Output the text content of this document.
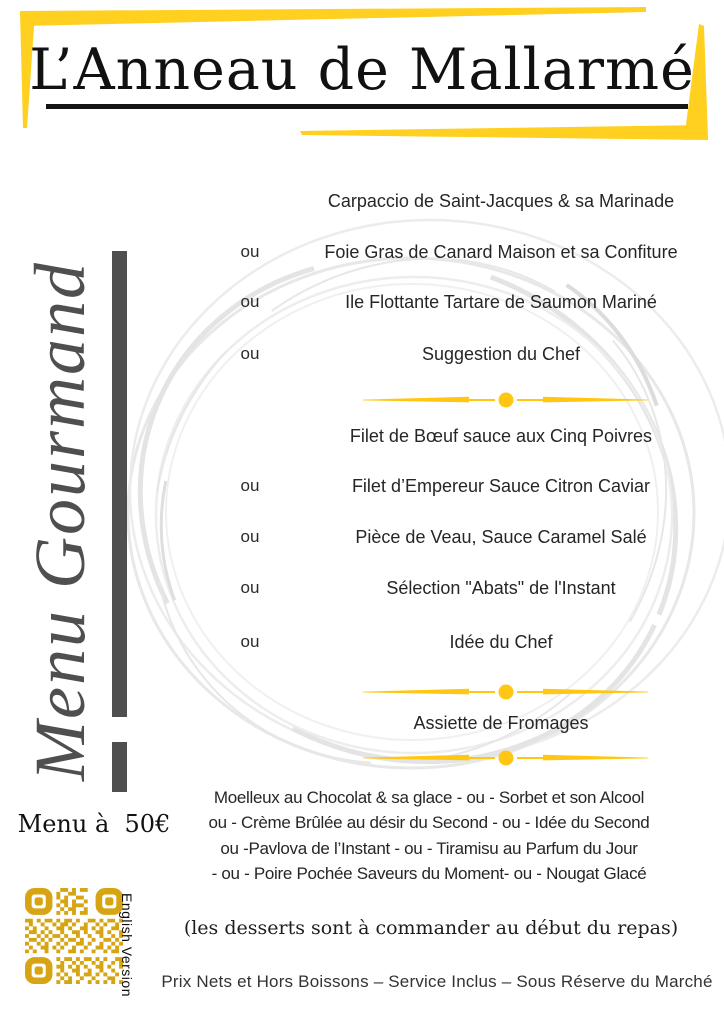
L’Anneau de Mallarmé
Menu Gourmand
Menu à  50€
English Version
Carpaccio de Saint-Jacques & sa Marinade
ou	Foie Gras de Canard Maison et sa Confiture
ou	Ile Flottante Tartare de Saumon Mariné
ou	Suggestion du Chef
Filet de Bœuf sauce aux Cinq Poivres
ou	Filet d’Empereur Sauce Citron Caviar
ou	Pièce de Veau, Sauce Caramel Salé
ou	Sélection "Abats" de l'Instant
ou	Idée du Chef
Assiette de Fromages
Moelleux au Chocolat & sa glace - ou - Sorbet et son Alcool
ou - Crème Brûlée au désir du Second - ou - Idée du Second
ou -Pavlova de l’Instant - ou - Tiramisu au Parfum du Jour
- ou - Poire Pochée Saveurs du Moment- ou - Nougat Glacé
(les desserts sont à commander au début du repas)
Prix Nets et Hors Boissons – Service Inclus – Sous Réserve du Marché
